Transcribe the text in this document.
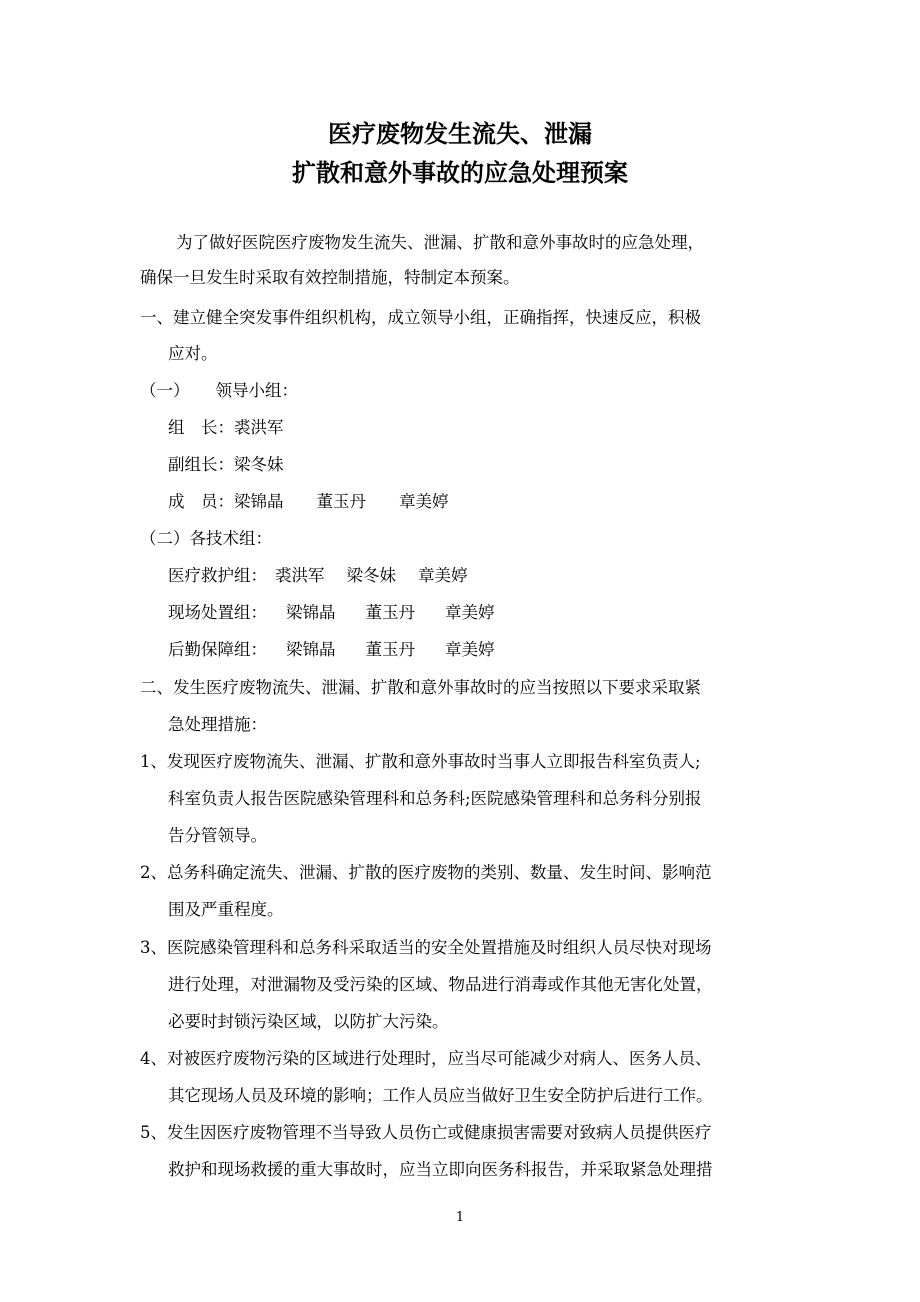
医疗废物发生流失、泄漏
扩散和意外事故的应急处理预案
为了做好医院医疗废物发生流失、泄漏、扩散和意外事故时的应急处理，
确保一旦发生时采取有效控制措施，特制定本预案。
一、建立健全突发事件组织机构，成立领导小组，正确指挥，快速反应，积极
应对。
（一） 领导小组：
组　长：裘洪军
副组长：梁冬妹
成　员：梁锦晶 董玉丹 章美婷
（二）各技术组：
医疗救护组： 裘洪军 梁冬妹 章美婷
现场处置组： 梁锦晶 董玉丹 章美婷
后勤保障组： 梁锦晶 董玉丹 章美婷
二、发生医疗废物流失、泄漏、扩散和意外事故时的应当按照以下要求采取紧
急处理措施：
1、发现医疗废物流失、泄漏、扩散和意外事故时当事人立即报告科室负责人;
科室负责人报告医院感染管理科和总务科;医院感染管理科和总务科分别报
告分管领导。
2、总务科确定流失、泄漏、扩散的医疗废物的类别、数量、发生时间、影响范
围及严重程度。
3、医院感染管理科和总务科采取适当的安全处置措施及时组织人员尽快对现场
进行处理，对泄漏物及受污染的区域、物品进行消毒或作其他无害化处置，
必要时封锁污染区域，以防扩大污染。
4、对被医疗废物污染的区域进行处理时，应当尽可能减少对病人、医务人员、
其它现场人员及环境的影响；工作人员应当做好卫生安全防护后进行工作。
5、发生因医疗废物管理不当导致人员伤亡或健康损害需要对致病人员提供医疗
救护和现场救援的重大事故时，应当立即向医务科报告，并采取紧急处理措
1
